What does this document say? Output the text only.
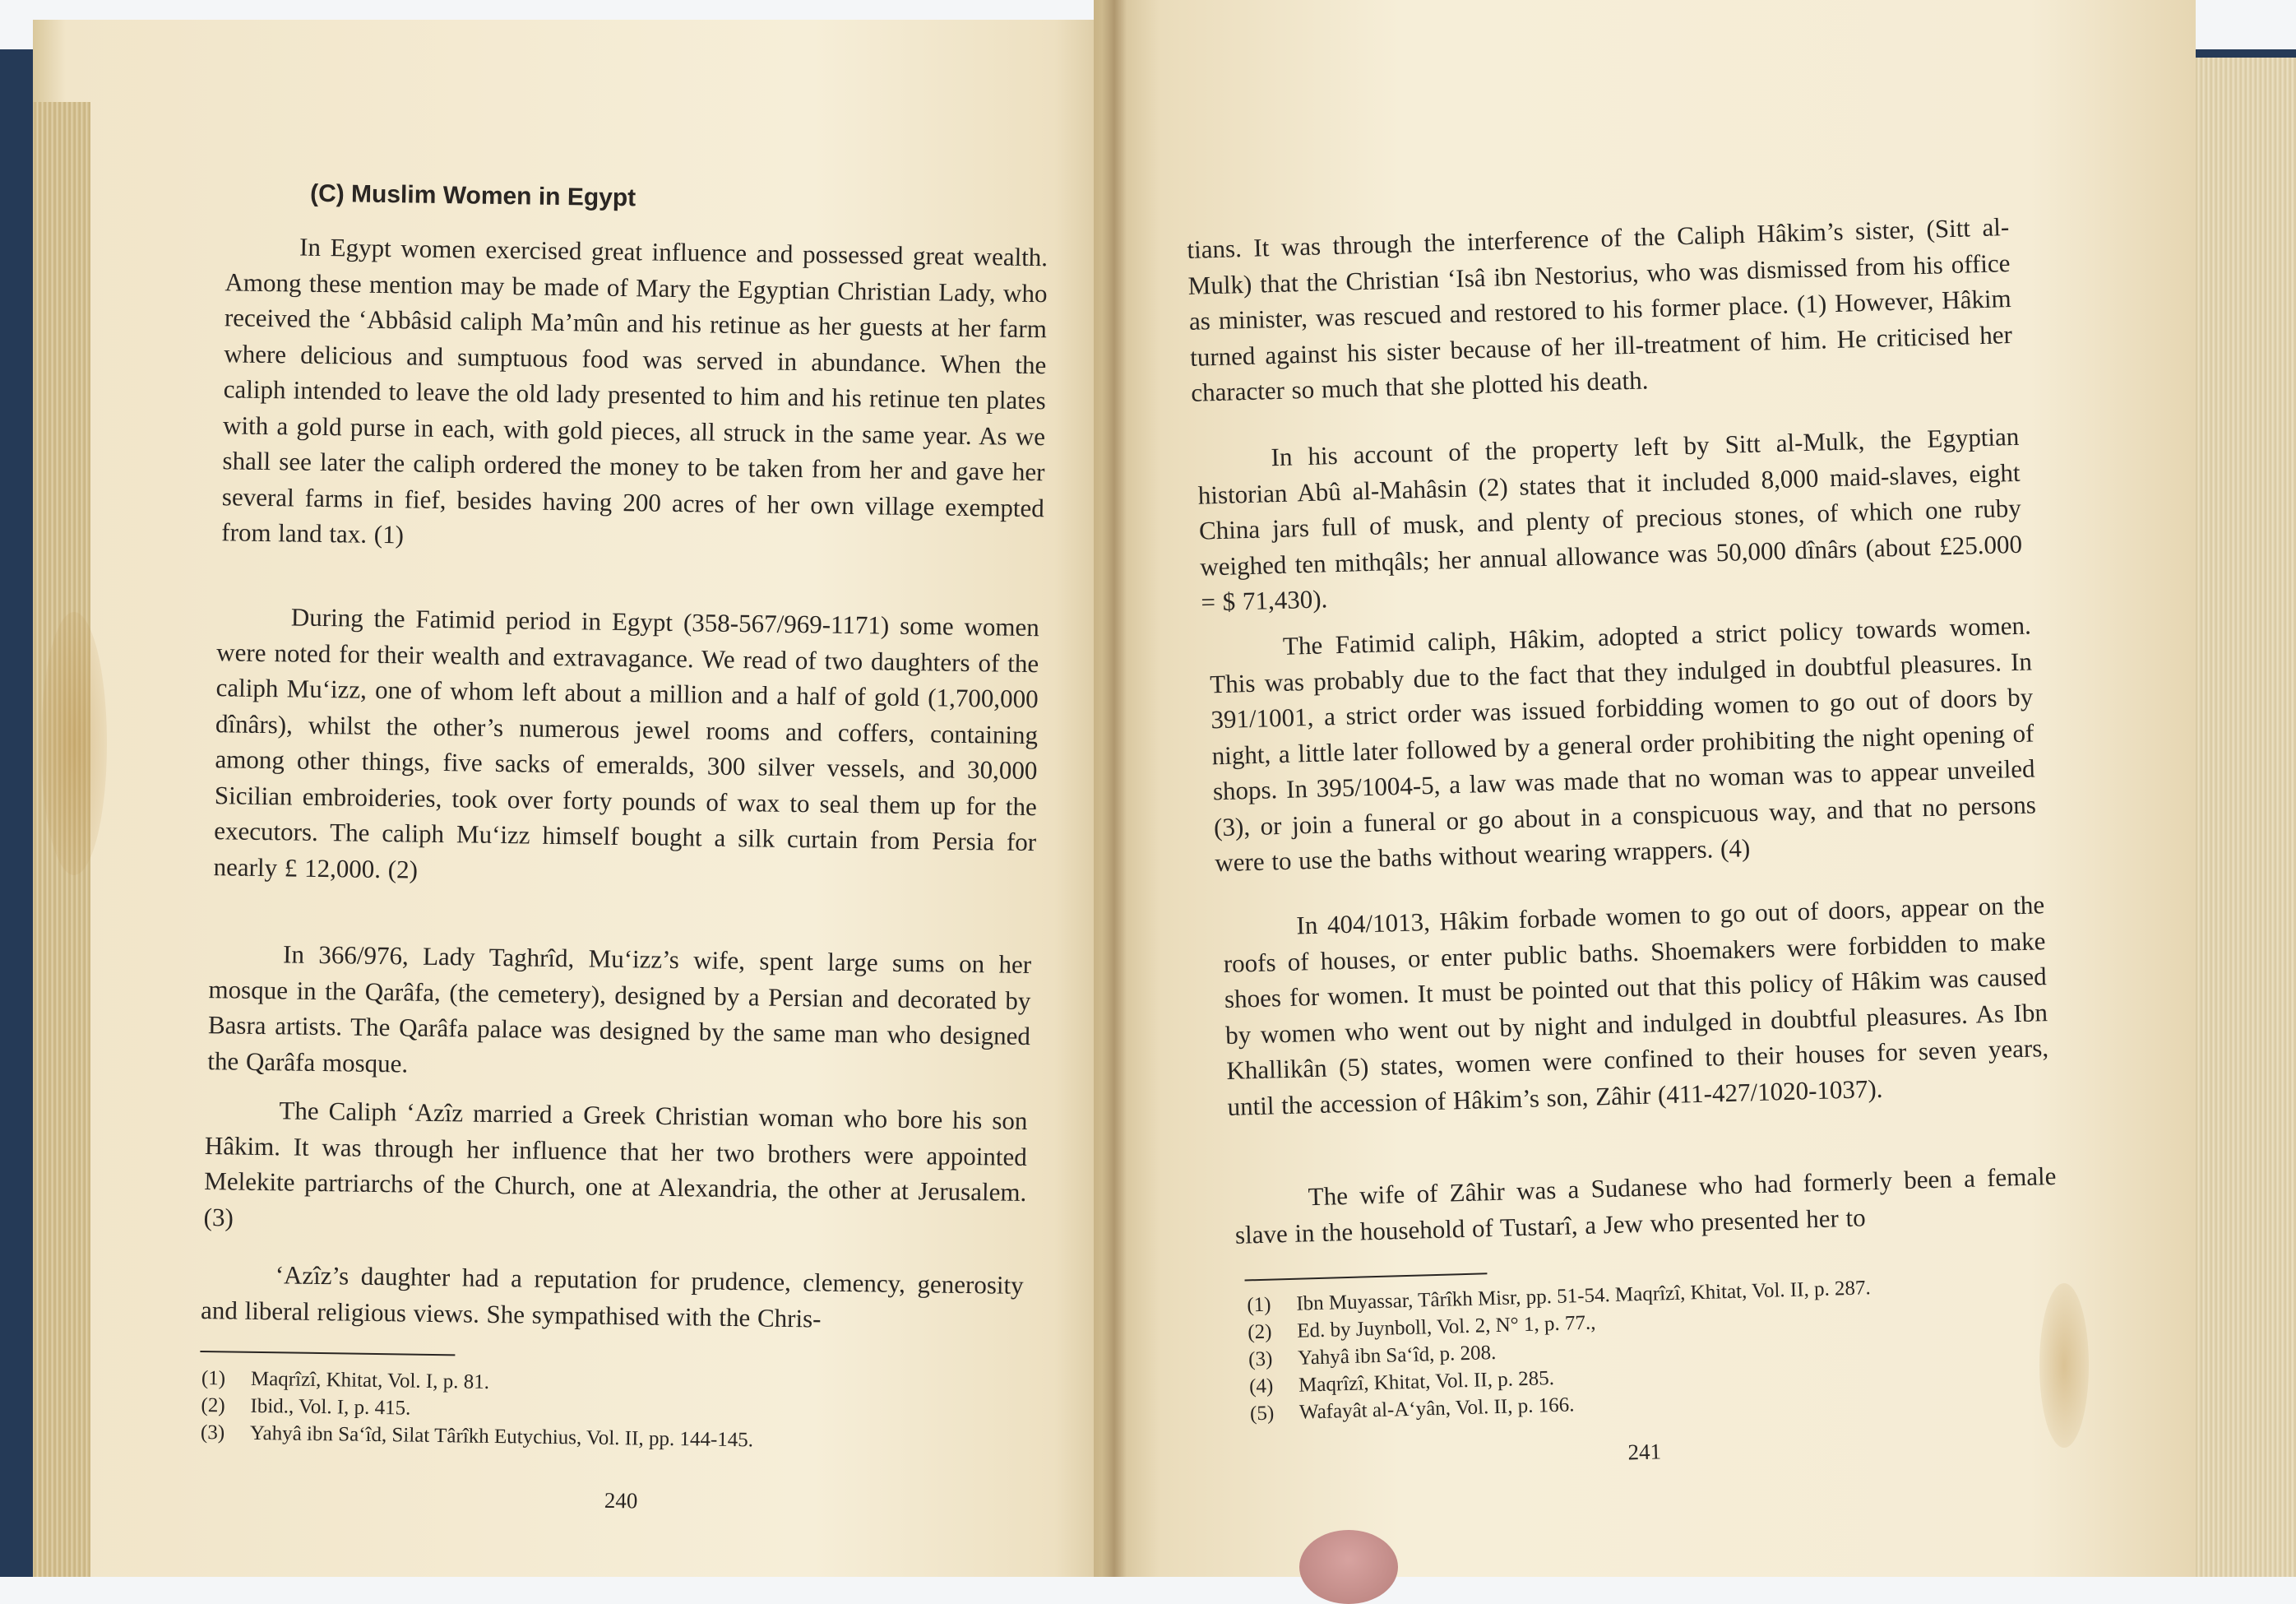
(C) Muslim Women in Egypt

In Egypt women exercised great influence and possessed great wealth. Among these mention may be made of Mary the Egyptian Christian Lady, who received the ‘Abbâsid caliph Ma’mûn and his retinue as her guests at her farm where delicious and sumptuous food was served in abundance. When the caliph intended to leave the old lady presented to him and his retinue ten plates with a gold purse in each, with gold pieces, all struck in the same year. As we shall see later the caliph ordered the money to be taken from her and gave her several farms in fief, besides having 200 acres of her own village exempted from land tax. (1)

During the Fatimid period in Egypt (358-567/969-1171) some women were noted for their wealth and extravagance. We read of two daughters of the caliph Mu‘izz, one of whom left about a million and a half of gold (1,700,000 dînârs), whilst the other’s numerous jewel rooms and coffers, containing among other things, five sacks of emeralds, 300 silver vessels, and 30,000 Sicilian embroideries, took over forty pounds of wax to seal them up for the executors. The caliph Mu‘izz himself bought a silk curtain from Persia for nearly £ 12,000. (2)

In 366/976, Lady Taghrîd, Mu‘izz’s wife, spent large sums on her mosque in the Qarâfa, (the cemetery), designed by a Persian and decorated by Basra artists. The Qarâfa palace was designed by the same man who designed the Qarâfa mosque.

The Caliph ‘Azîz married a Greek Christian woman who bore his son Hâkim. It was through her influence that her two brothers were appointed Melekite partriarchs of the Church, one at Alexandria, the other at Jerusalem. (3)

‘Azîz’s daughter had a reputation for prudence, clemency, generosity and liberal religious views. She sympathised with the Chris-

(1) Maqrîzî, Khitat, Vol. I, p. 81.
(2) Ibid., Vol. I, p. 415.
(3) Yahyâ ibn Sa‘îd, Silat Târîkh Eutychius, Vol. II, pp. 144-145.

240

tians. It was through the interference of the Caliph Hâkim’s sister, (Sitt al-Mulk) that the Christian ‘Isâ ibn Nestorius, who was dismissed from his office as minister, was rescued and restored to his former place. (1) However, Hâkim turned against his sister because of her ill-treatment of him. He criticised her character so much that she plotted his death.

In his account of the property left by Sitt al-Mulk, the Egyptian historian Abû al-Mahâsin (2) states that it included 8,000 maid-slaves, eight China jars full of musk, and plenty of precious stones, of which one ruby weighed ten mithqâls; her annual allowance was 50,000 dînârs (about £25.000 = $ 71,430).

The Fatimid caliph, Hâkim, adopted a strict policy towards women. This was probably due to the fact that they indulged in doubtful pleasures. In 391/1001, a strict order was issued forbidding women to go out of doors by night, a little later followed by a general order prohibiting the night opening of shops. In 395/1004-5, a law was made that no woman was to appear unveiled (3), or join a funeral or go about in a conspicuous way, and that no persons were to use the baths without wearing wrappers. (4)

In 404/1013, Hâkim forbade women to go out of doors, appear on the roofs of houses, or enter public baths. Shoemakers were forbidden to make shoes for women. It must be pointed out that this policy of Hâkim was caused by women who went out by night and indulged in doubtful pleasures. As Ibn Khallikân (5) states, women were confined to their houses for seven years, until the accession of Hâkim’s son, Zâhir (411-427/1020-1037).

The wife of Zâhir was a Sudanese who had formerly been a female slave in the household of Tustarî, a Jew who presented her to

(1) Ibn Muyassar, Târîkh Misr, pp. 51-54. Maqrîzî, Khitat, Vol. II, p. 287.
(2) Ed. by Juynboll, Vol. 2, N° 1, p. 77.,
(3) Yahyâ ibn Sa‘îd, p. 208.
(4) Maqrîzî, Khitat, Vol. II, p. 285.
(5) Wafayât al-A‘yân, Vol. II, p. 166.

241
